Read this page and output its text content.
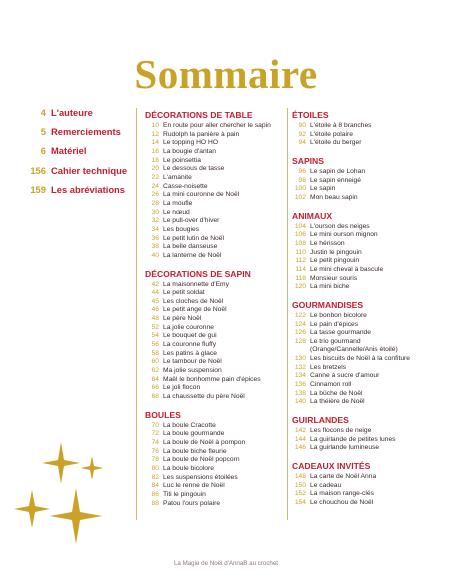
Sommaire
4 L'auteure
5 Remerciements
6 Matériel
156 Cahier technique
159 Les abréviations
DÉCORATIONS DE TABLE
10 En route pour aller chercher le sapin
12 Rudolph la panière à pain
14 Le topping HO HO
16 La bougie d'antan
18 Le poinsettia
20 Le dessous de tasse
22 L'amanite
24 Casse-noisette
26 La mini couronne de Noël
28 La moufle
30 Le nœud
32 Le pull-over d'hiver
34 Les bougies
36 Le petit lutin de Noël
38 La belle danseuse
40 La lanterne de Noël
DÉCORATIONS DE SAPIN
42 La maisonnette d'Emy
44 Le petit soldat
45 Les cloches de Noël
46 Le petit ange de Noël
48 Le père Noël
52 La jolie couronne
54 Le bouquet de gui
56 La couronne fluffy
58 Les patins à glace
60 Le tambour de Noël
62 Ma jolie suspension
64 Maël le bonhomme pain d'épices
66 Le joli flocon
68 La chaussette du père Noël
BOULES
70 La boule Cracotte
72 La boule gourmande
74 La boule de Noël à pompon
76 La boule biche fleurie
78 La boule de Noël popcorn
80 La boule bicolore
82 Les suspensions étoilées
84 Luc le renne de Noël
86 Titi le pingouin
88 Patou l'ours polaire
ÉTOILES
90 L'étoile à 8 branches
92 L'étoile polaire
94 L'étoile du berger
SAPINS
96 Le sapin de Lohan
98 Le sapin enneigé
100 Le sapin
102 Mon beau sapin
ANIMAUX
104 L'ourson des neiges
106 Le mini ourson mignon
108 Le hérisson
110 Justin le pingouin
112 Le petit pingouin
114 Le mini cheval à bascule
118 Monsieur souris
120 La mini biche
GOURMANDISES
122 Le bonbon bicolore
124 Le pain d'épices
126 La tasse gourmande
128 Le trio gourmand
(Orange/Cannelle/Anis étoilé)
130 Les biscuits de Noël à la confiture
132 Les bretzels
134 Canne à sucre d'amour
136 Cinnamon roll
138 La bûche de Noël
140 La théière de Noël
GUIRLANDES
142 Les flocons de neige
144 La guirlande de petites lunes
146 La guirlande lumineuse
CADEAUX INVITÉS
148 La carte de Noël Anna
150 Le cadeau
152 La maison range-clés
154 Le chouchou de Noël
La Magie de Noël d'AnnaB au crochet
